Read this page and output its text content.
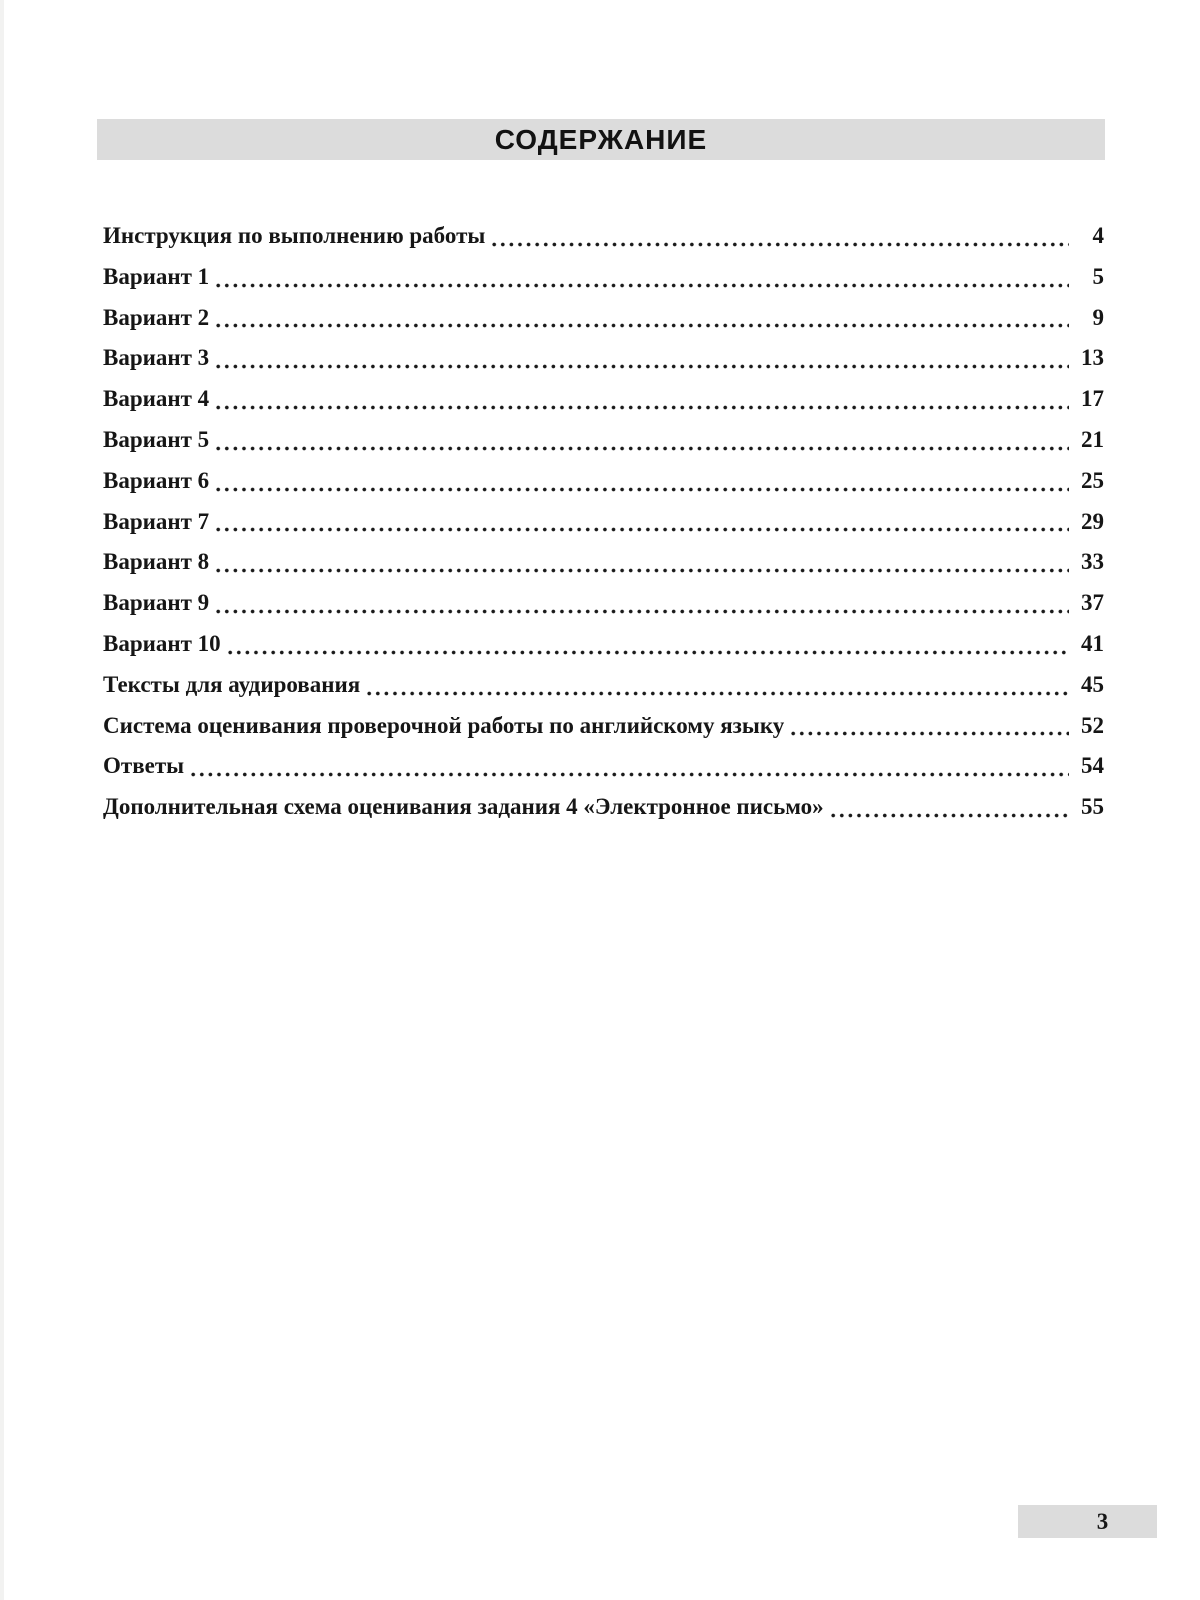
СОДЕРЖАНИЕ
Инструкция по выполнению работы	4
Вариант 1	5
Вариант 2	9
Вариант 3	13
Вариант 4	17
Вариант 5	21
Вариант 6	25
Вариант 7	29
Вариант 8	33
Вариант 9	37
Вариант 10	41
Тексты для аудирования	45
Система оценивания проверочной работы по английскому языку	52
Ответы	54
Дополнительная схема оценивания задания 4 «Электронное письмо»	55
3
